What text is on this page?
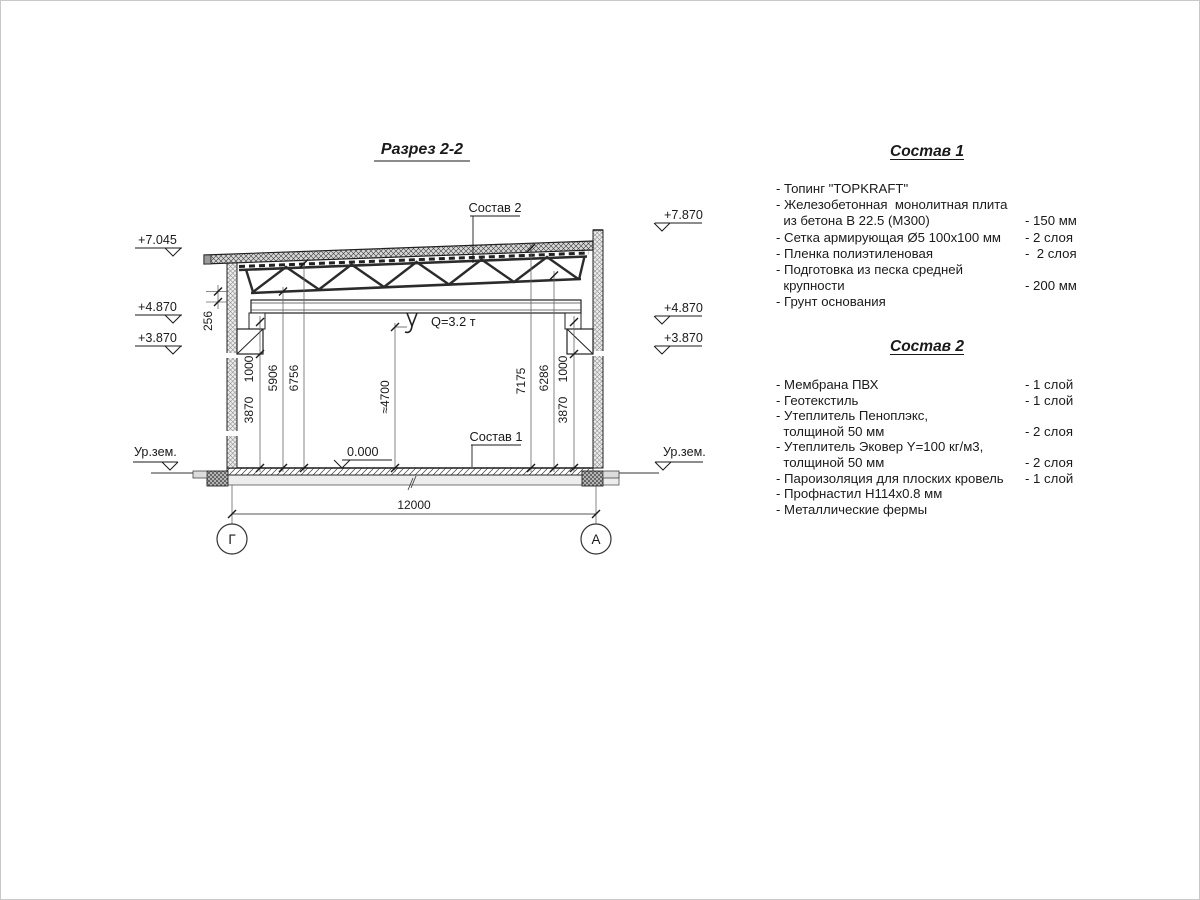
Разрез 2-2
Q=3.2 т
1000
3870
5906 6756
≈4700	7175 6286 1000
3870
256
+7.045
+4.870
+3.870
+7.870
+4.870
+3.870
0.000
Ур.зем.	Ур.зем.
Состав 2
Состав 1
12000
Г	А
Состав 1
- Топинг "TOPKRAFT"
- Железобетонная  монолитная плита
из бетона В 22.5 (М300)	- 150 мм
- Сетка армирующая Ø5 100x100 мм	- 2 слоя
- Пленка полиэтиленовая	-  2 слоя
- Подготовка из песка средней
крупности	- 200 мм
- Грунт основания
Состав 2
- Мембрана ПВХ	- 1 слой
- Геотекстиль	- 1 слой
- Утеплитель Пеноплэкс,
толщиной 50 мм	- 2 слоя
- Утеплитель Эковер Y=100 кг/м3,
толщиной 50 мм	- 2 слоя
- Пароизоляция для плоских кровель	- 1 слой
- Профнастил Н114x0.8 мм
- Металлические фермы
